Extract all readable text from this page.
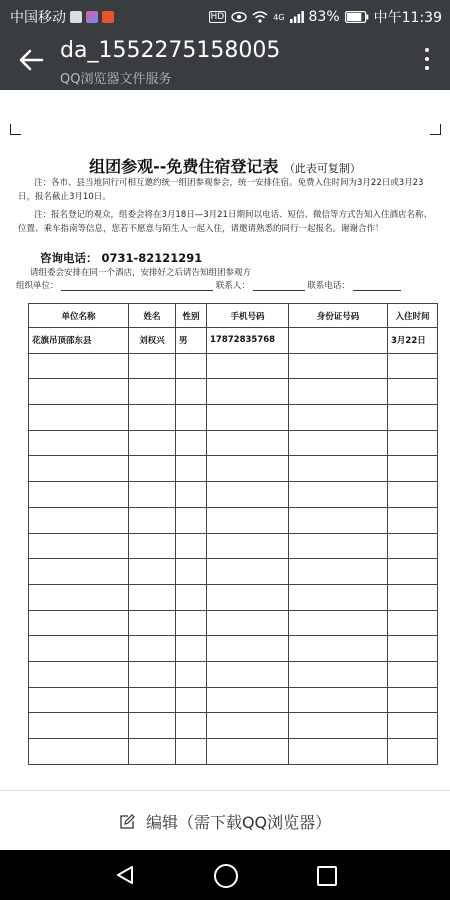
中国移动	HD	4G 83% 中午11:39
da_1552275158005
QQ浏览器文件服务
组团参观--免费住宿登记表 （此表可复制）
注：各市、县当地同行可相互邀约统一组团参观参会，统一安排住宿。免费入住时间为3月22日或3月23日，报名截止3月10日。
注：报名登记的观众，组委会将在3月18日—3月21日期间以电话、短信、微信等方式告知入住酒店名称、位置、乘车指南等信息，您若不愿意与陌生人一起入住，请邀请熟悉的同行一起报名。谢谢合作！
咨询电话： 0731-82121291
请组委会安排在同一个酒店，安排好之后请告知组团参观方
组织单位：	联系人：	联系电话：
单位名称	姓名	性别	手机号码	身份证号码	入住时间
花旗吊顶邵东县	刘权兴	男	17872835768		3月22日

编辑（需下载QQ浏览器）
